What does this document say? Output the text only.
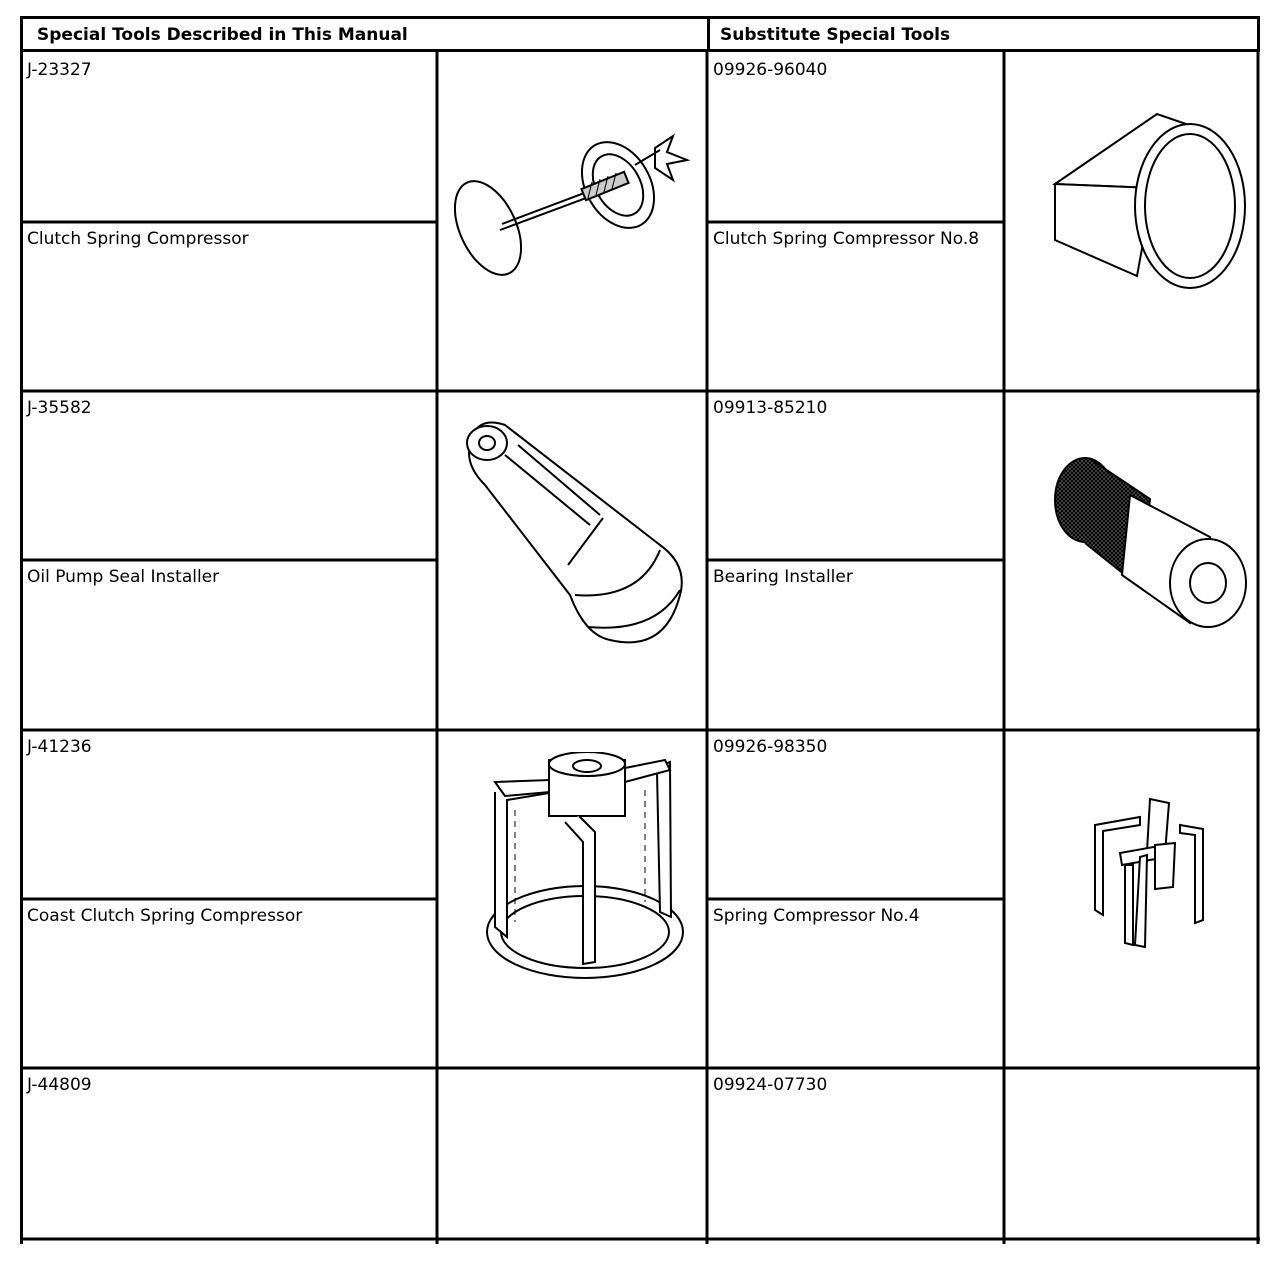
Special Tools Described in This Manual	Substitute Special Tools
J-23327
Clutch Spring Compressor
09926-96040
Clutch Spring Compressor No.8
J-35582
Oil Pump Seal Installer
09913-85210
Bearing Installer
J-41236
Coast Clutch Spring Compressor
09926-98350
Spring Compressor No.4
J-44809	09924-07730
